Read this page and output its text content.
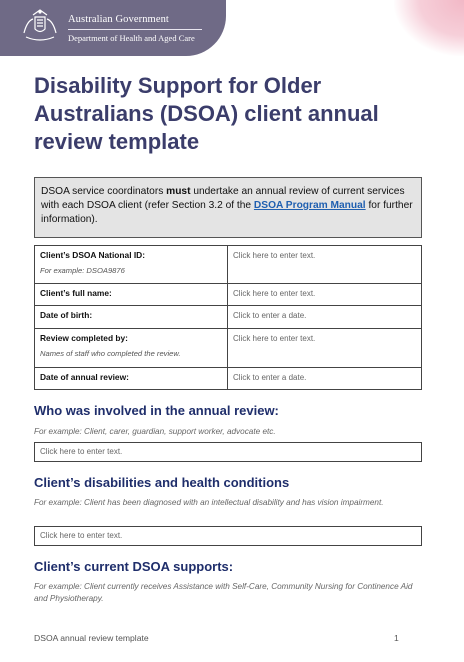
Australian Government
Department of Health and Aged Care
Disability Support for Older Australians (DSOA) client annual review template
DSOA service coordinators must undertake an annual review of current services with each DSOA client (refer Section 3.2 of the DSOA Program Manual for further information).
Client’s DSOA National ID:
For example: DSOA9876	Click here to enter text.

Client’s full name:	Click here to enter text.

Date of birth:	Click to enter a date.

Review completed by:
Names of staff who completed the review.	Click here to enter text.

Date of annual review:	Click to enter a date.
Who was involved in the annual review:

For example: Client, carer, guardian, support worker, advocate etc.

Click here to enter text.
Client’s disabilities and health conditions

For example: Client has been diagnosed with an intellectual disability and has vision impairment.

Click here to enter text.
Client’s current DSOA supports:

For example: Client currently receives Assistance with Self-Care, Community Nursing for Continence Aid and Physiotherapy.

DSOA annual review template	1
